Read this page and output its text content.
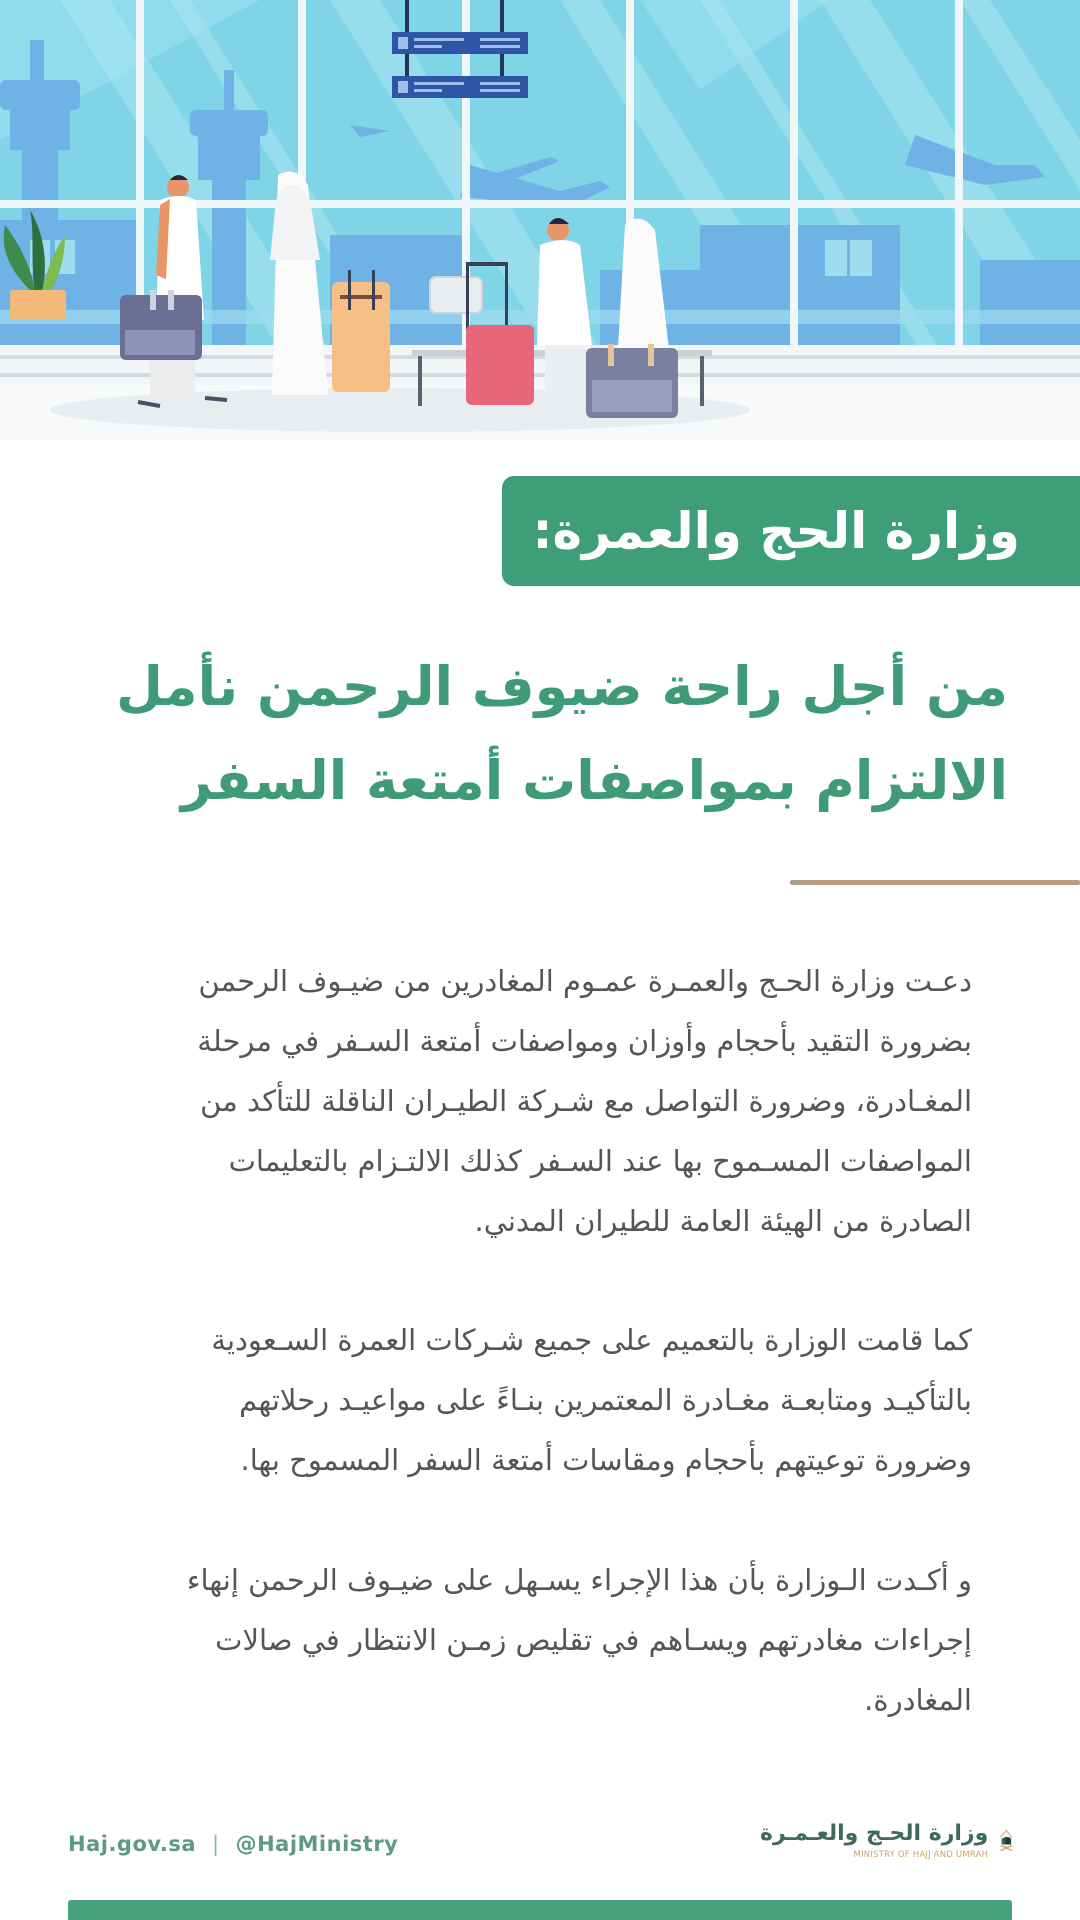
وزارة الحج والعمرة:
من أجل راحة ضيوف الرحمن نأمل
الالتزام بمواصفات أمتعة السفر
دعـت وزارة الحـج والعمـرة عمـوم المغادرين من ضيـوف الرحمن
بضرورة التقيد بأحجام وأوزان ومواصفات أمتعة السـفر في مرحلة
المغـادرة، وضرورة التواصل مع شـركة الطيـران الناقلة للتأكد من
المواصفات المسـموح بها عند السـفر كذلك الالتـزام بالتعليمات
الصادرة من الهيئة العامة للطيران المدني.
كما قامت الوزارة بالتعميم على جميع شـركات العمرة السـعودية
بالتأكيـد ومتابعـة مغـادرة المعتمرين بنـاءً على مواعيـد رحلاتهم
وضرورة توعيتهم بأحجام ومقاسات أمتعة السفر المسموح بها.
و أكـدت الـوزارة بأن هذا الإجراء يسـهل على ضيـوف الرحمن إنهاء
إجراءات مغادرتهم ويسـاهم في تقليص زمـن الانتظار في صالات
المغادرة.
Haj.gov.sa | @HajMinistry	وزارة الحـج والعـمـرة
MINISTRY OF HAJJ AND UMRAH
